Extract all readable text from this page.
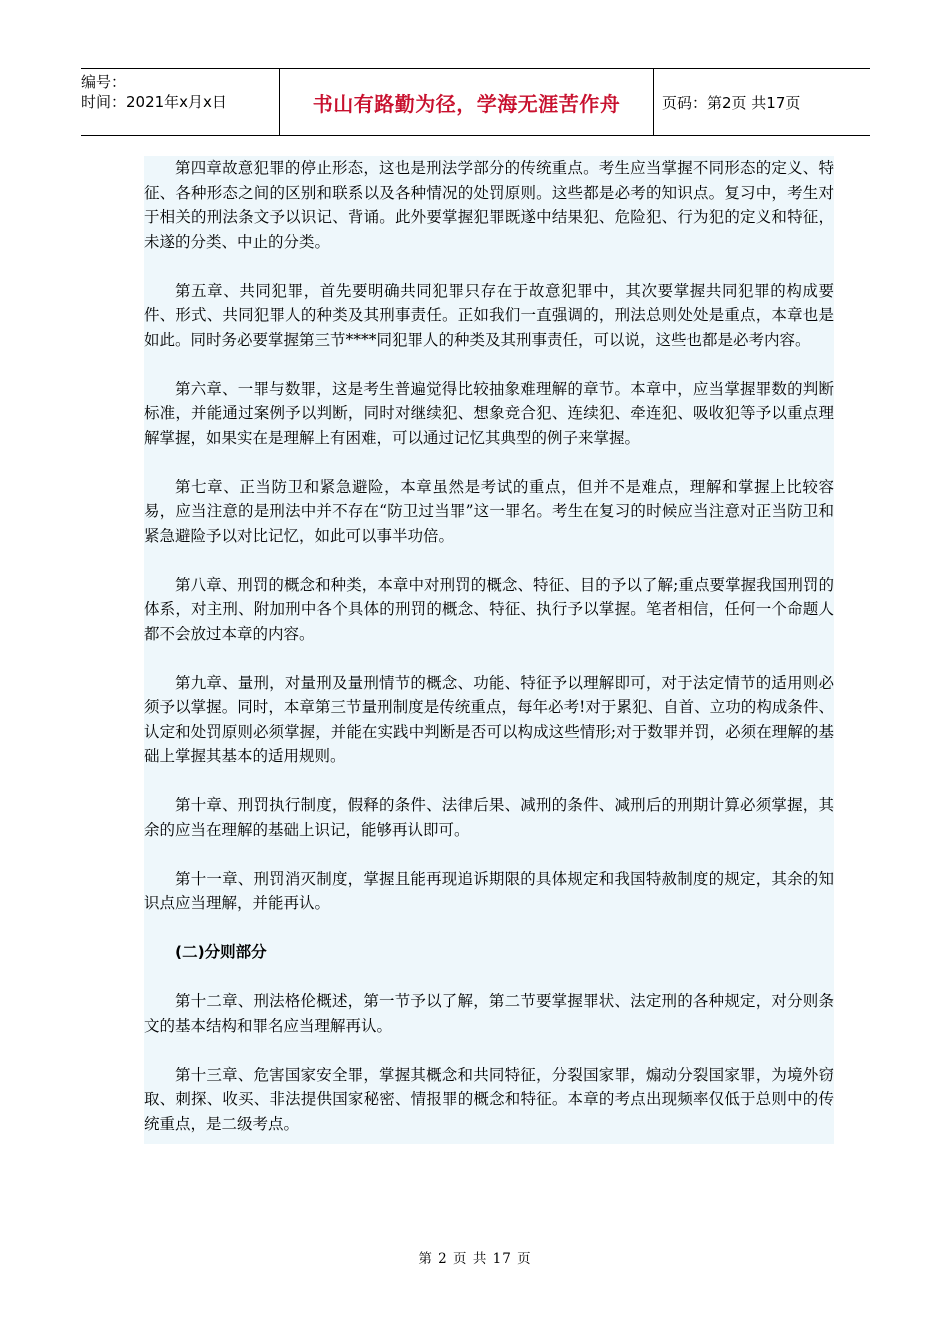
编号：
时间：2021年x月x日	书山有路勤为径，学海无涯苦作舟	页码：第2页 共17页

第四章故意犯罪的停止形态，这也是刑法学部分的传统重点。考生应当掌握不同形态的定义、特征、各种形态之间的区别和联系以及各种情况的处罚原则。这些都是必考的知识点。复习中，考生对于相关的刑法条文予以识记、背诵。此外要掌握犯罪既遂中结果犯、危险犯、行为犯的定义和特征，未遂的分类、中止的分类。

第五章、共同犯罪，首先要明确共同犯罪只存在于故意犯罪中，其次要掌握共同犯罪的构成要件、形式、共同犯罪人的种类及其刑事责任。正如我们一直强调的，刑法总则处处是重点，本章也是如此。同时务必要掌握第三节****同犯罪人的种类及其刑事责任，可以说，这些也都是必考内容。

第六章、一罪与数罪，这是考生普遍觉得比较抽象难理解的章节。本章中，应当掌握罪数的判断标准，并能通过案例予以判断，同时对继续犯、想象竞合犯、连续犯、牵连犯、吸收犯等予以重点理解掌握，如果实在是理解上有困难，可以通过记忆其典型的例子来掌握。

第七章、正当防卫和紧急避险，本章虽然是考试的重点，但并不是难点，理解和掌握上比较容易，应当注意的是刑法中并不存在“防卫过当罪”这一罪名。考生在复习的时候应当注意对正当防卫和紧急避险予以对比记忆，如此可以事半功倍。

第八章、刑罚的概念和种类，本章中对刑罚的概念、特征、目的予以了解;重点要掌握我国刑罚的体系，对主刑、附加刑中各个具体的刑罚的概念、特征、执行予以掌握。笔者相信，任何一个命题人都不会放过本章的内容。

第九章、量刑，对量刑及量刑情节的概念、功能、特征予以理解即可，对于法定情节的适用则必须予以掌握。同时，本章第三节量刑制度是传统重点，每年必考!对于累犯、自首、立功的构成条件、认定和处罚原则必须掌握，并能在实践中判断是否可以构成这些情形;对于数罪并罚，必须在理解的基础上掌握其基本的适用规则。

第十章、刑罚执行制度，假释的条件、法律后果、减刑的条件、减刑后的刑期计算必须掌握，其余的应当在理解的基础上识记，能够再认即可。

第十一章、刑罚消灭制度，掌握且能再现追诉期限的具体规定和我国特赦制度的规定，其余的知识点应当理解，并能再认。

(二)分则部分

第十二章、刑法格伦概述，第一节予以了解，第二节要掌握罪状、法定刑的各种规定，对分则条文的基本结构和罪名应当理解再认。

第十三章、危害国家安全罪，掌握其概念和共同特征，分裂国家罪，煽动分裂国家罪，为境外窃取、刺探、收买、非法提供国家秘密、情报罪的概念和特征。本章的考点出现频率仅低于总则中的传统重点，是二级考点。

第 2 页 共 17 页
